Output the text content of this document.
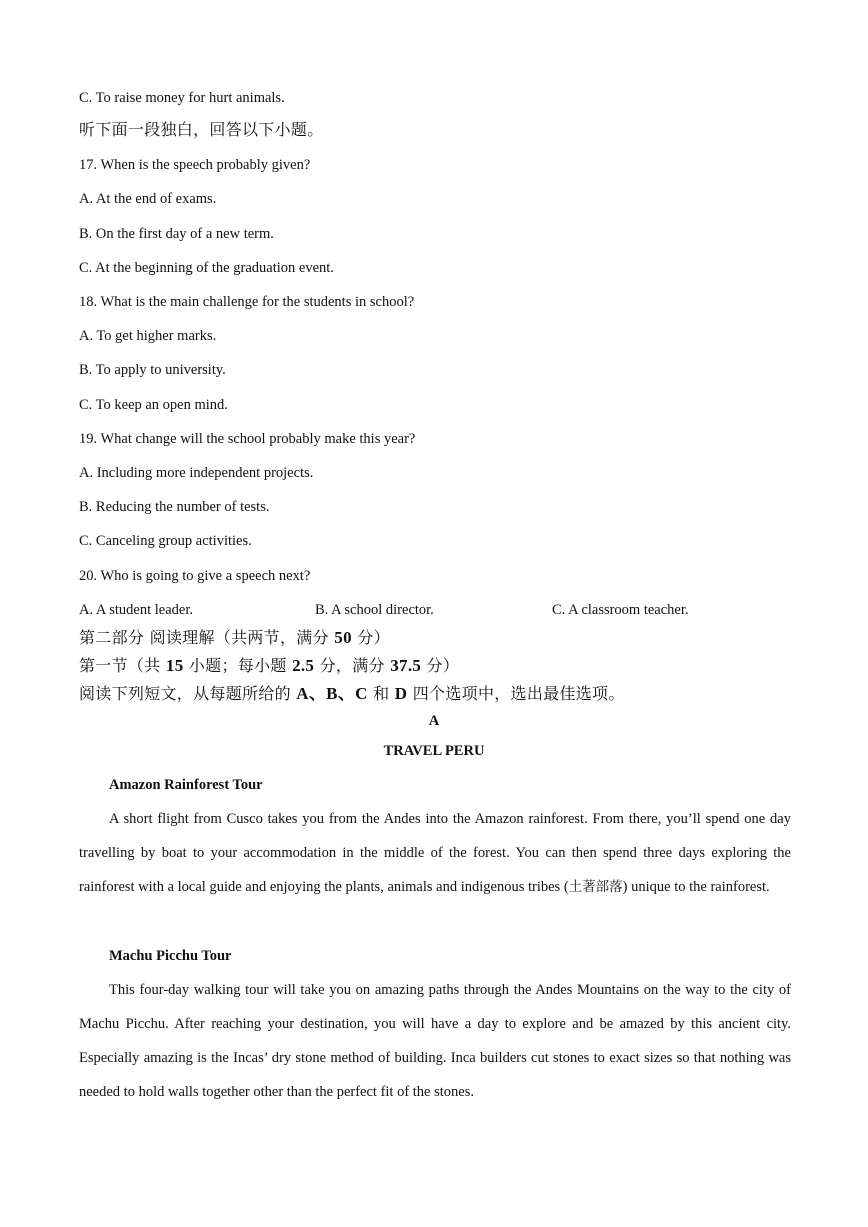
C. To raise money for hurt animals.
听下面一段独白，回答以下小题。
17. When is the speech probably given?
A. At the end of exams.
B. On the first day of a new term.
C. At the beginning of the graduation event.
18. What is the main challenge for the students in school?
A. To get higher marks.
B. To apply to university.
C. To keep an open mind.
19. What change will the school probably make this year?
A. Including more independent projects.
B. Reducing the number of tests.
C. Canceling group activities.
20. Who is going to give a speech next?
A. A student leader.	B. A school director.	C. A classroom teacher.
第二部分 阅读理解（共两节，满分 50 分）
第一节（共 15 小题；每小题 2.5 分，满分 37.5 分）
阅读下列短文，从每题所给的 A、B、C 和 D 四个选项中，选出最佳选项。
A
TRAVEL PERU
Amazon Rainforest Tour
A short flight from Cusco takes you from the Andes into the Amazon rainforest. From there, you’ll spend one day travelling by boat to your accommodation in the middle of the forest. You can then spend three days exploring the rainforest with a local guide and enjoying the plants, animals and indigenous tribes (土著部落) unique to the rainforest.
Machu Picchu Tour
This four-day walking tour will take you on amazing paths through the Andes Mountains on the way to the city of Machu Picchu. After reaching your destination, you will have a day to explore and be amazed by this ancient city. Especially amazing is the Incas’ dry stone method of building. Inca builders cut stones to exact sizes so that nothing was needed to hold walls together other than the perfect fit of the stones.
